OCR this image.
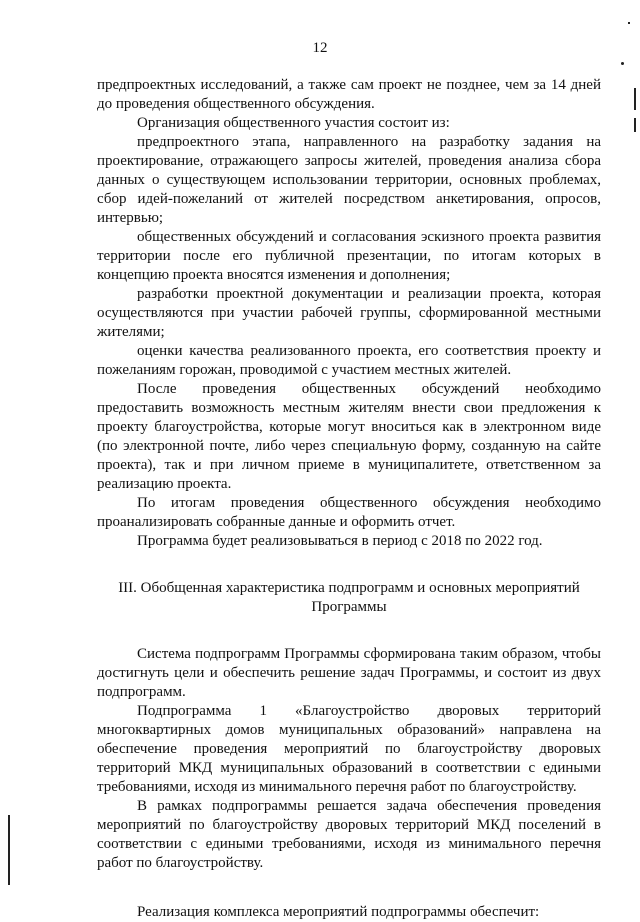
12

предпроектных исследований, а также сам проект не позднее, чем за 14 дней до проведения общественного обсуждения.

Организация общественного участия состоит из:

предпроектного этапа, направленного на разработку задания на проектирование, отражающего запросы жителей, проведения анализа сбора данных о существующем использовании территории, основных проблемах, сбор идей-пожеланий от жителей посредством анкетирования, опросов, интервью;

общественных обсуждений и согласования эскизного проекта развития территории после его публичной презентации, по итогам которых в концепцию проекта вносятся изменения и дополнения;

разработки проектной документации и реализации проекта, которая осуществляются при участии рабочей группы, сформированной местными жителями;

оценки качества реализованного проекта, его соответствия проекту и пожеланиям горожан, проводимой с участием местных жителей.

После проведения общественных обсуждений необходимо предоставить возможность местным жителям внести свои предложения к проекту благоустройства, которые могут вноситься как в электронном виде (по электронной почте, либо через специальную форму, созданную на сайте проекта), так и при личном приеме в муниципалитете, ответственном за реализацию проекта.

По итогам проведения общественного обсуждения необходимо проанализировать собранные данные и оформить отчет.

Программа будет реализовываться в период с 2018 по 2022 год.

III. Обобщенная характеристика подпрограмм и основных мероприятий Программы

Система подпрограмм Программы сформирована таким образом, чтобы достигнуть цели и обеспечить решение задач Программы, и состоит из двух подпрограмм.

Подпрограмма 1 «Благоустройство дворовых территорий многоквартирных домов муниципальных образований» направлена на обеспечение проведения мероприятий по благоустройству дворовых территорий МКД муниципальных образований в соответствии с едиными требованиями, исходя из минимального перечня работ по благоустройству.

В рамках подпрограммы решается задача обеспечения проведения мероприятий по благоустройству дворовых территорий МКД поселений в соответствии с едиными требованиями, исходя из минимального перечня работ по благоустройству.

Реализация комплекса мероприятий подпрограммы обеспечит:
